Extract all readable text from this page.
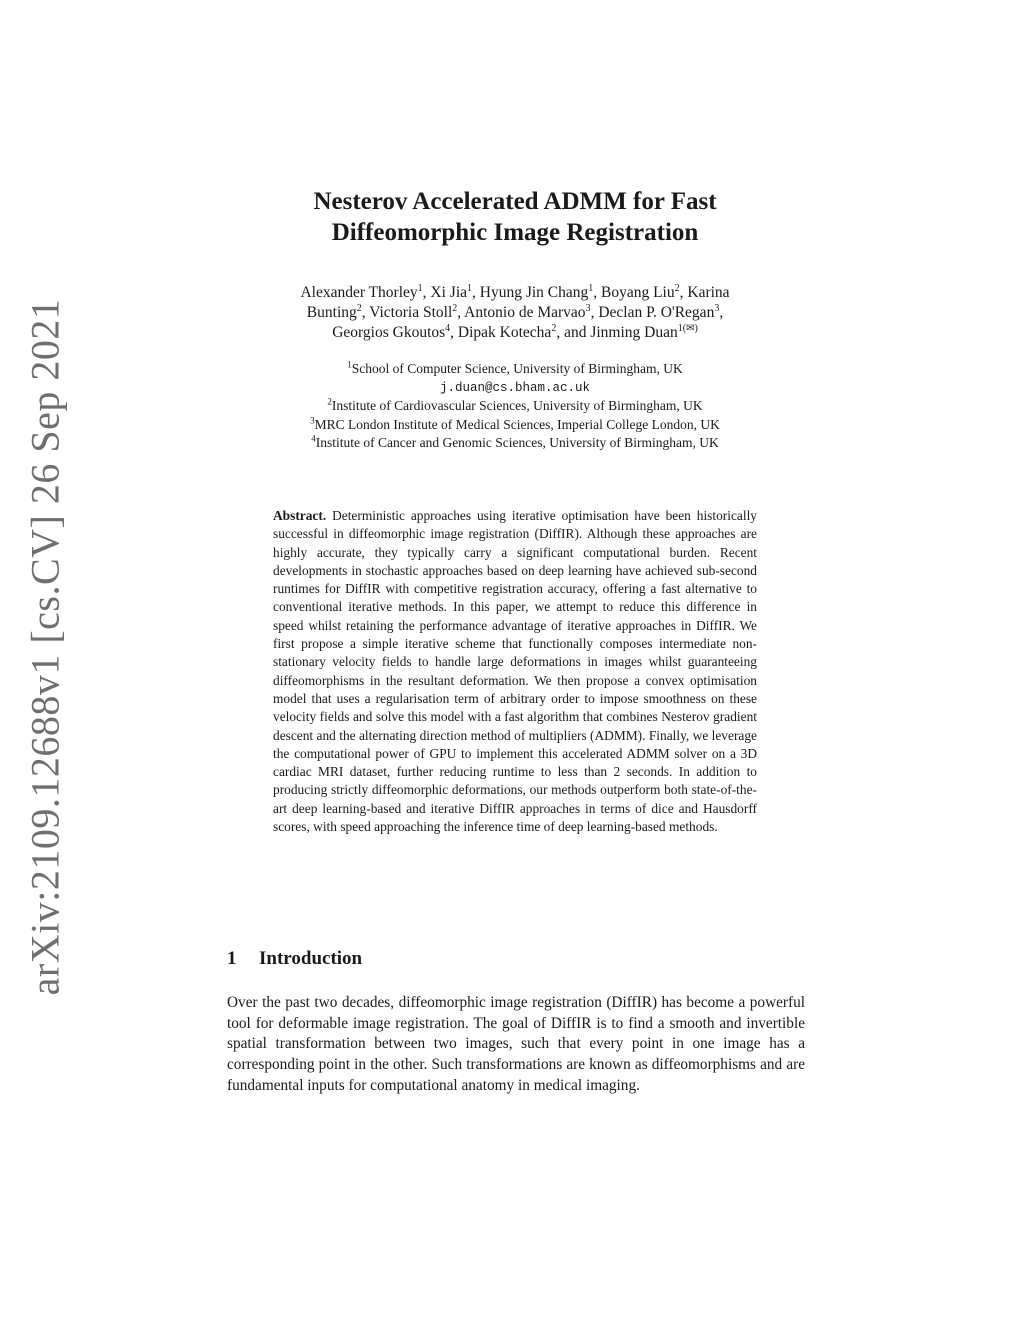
arXiv:2109.12688v1 [cs.CV] 26 Sep 2021
Nesterov Accelerated ADMM for Fast
Diffeomorphic Image Registration
Alexander Thorley$^1$, Xi Jia$^1$, Hyung Jin Chang$^1$, Boyang Liu$^2$, Karina
Bunting$^2$, Victoria Stoll$^2$, Antonio de Marvao$^3$, Declan P. O'Regan$^3$,
Georgios Gkoutos$^4$, Dipak Kotecha$^2$, and Jinming Duan$^{1(✉)}$
$^1$School of Computer Science, University of Birmingham, UK
j.duan@cs.bham.ac.uk
$^2$Institute of Cardiovascular Sciences, University of Birmingham, UK
$^3$MRC London Institute of Medical Sciences, Imperial College London, UK
$^4$Institute of Cancer and Genomic Sciences, University of Birmingham, UK
Abstract. Deterministic approaches using iterative optimisation have been historically successful in diffeomorphic image registration (DiffIR). Although these approaches are highly accurate, they typically carry a significant computational burden. Recent developments in stochastic approaches based on deep learning have achieved sub-second runtimes for DiffIR with competitive registration accuracy, offering a fast alternative to conventional iterative methods. In this paper, we attempt to reduce this difference in speed whilst retaining the performance advantage of iterative approaches in DiffIR. We first propose a simple iterative scheme that functionally composes intermediate non-stationary velocity fields to handle large deformations in images whilst guaranteeing diffeomorphisms in the resultant deformation. We then propose a convex optimisation model that uses a regularisation term of arbitrary order to impose smoothness on these velocity fields and solve this model with a fast algorithm that combines Nesterov gradient descent and the alternating direction method of multipliers (ADMM). Finally, we leverage the computational power of GPU to implement this accelerated ADMM solver on a 3D cardiac MRI dataset, further reducing runtime to less than 2 seconds. In addition to producing strictly diffeomorphic deformations, our methods outperform both state-of-the-art deep learning-based and iterative DiffIR approaches in terms of dice and Hausdorff scores, with speed approaching the inference time of deep learning-based methods.
1 Introduction
Over the past two decades, diffeomorphic image registration (DiffIR) has become a powerful tool for deformable image registration. The goal of DiffIR is to find a smooth and invertible spatial transformation between two images, such that every point in one image has a corresponding point in the other. Such transformations are known as diffeomorphisms and are fundamental inputs for computational anatomy in medical imaging.
